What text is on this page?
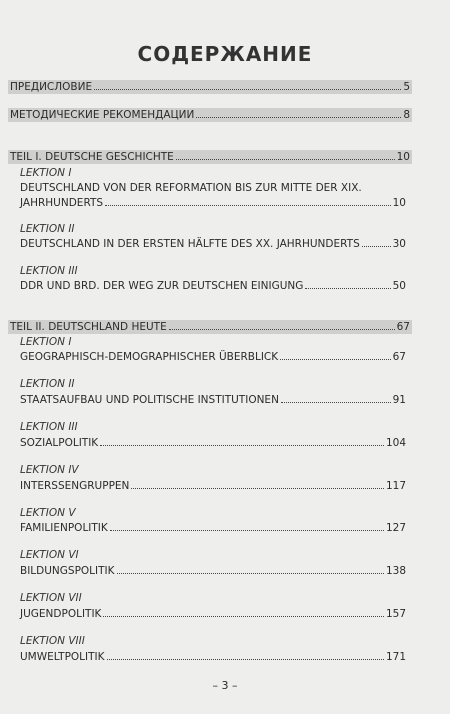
СОДЕРЖАНИЕ
ПРЕДИСЛОВИЕ	5
МЕТОДИЧЕСКИЕ РЕКОМЕНДАЦИИ	8
TEIL I. DEUTSCHE GESCHICHTE	10
LEKTION I
DEUTSCHLAND VON DER REFORMATION BIS ZUR MITTE DER XIX.
JAHRHUNDERTS	10
LEKTION II
DEUTSCHLAND IN DER ERSTEN HÄLFTE DES XX. JAHRHUNDERTS	30
LEKTION III
DDR UND BRD. DER WEG ZUR DEUTSCHEN EINIGUNG	50
TEIL II. DEUTSCHLAND HEUTE	67
LEKTION I
GEOGRAPHISCH-DEMOGRAPHISCHER ÜBERBLICK	67
LEKTION II
STAATSAUFBAU UND POLITISCHE INSTITUTIONEN	91
LEKTION III
SOZIALPOLITIK	104
LEKTION IV
INTERSSENGRUPPEN	117
LEKTION V
FAMILIENPOLITIK	127
LEKTION VI
BILDUNGSPOLITIK	138
LEKTION VII
JUGENDPOLITIK	157
LEKTION VIII
UMWELTPOLITIK	171
– 3 –
